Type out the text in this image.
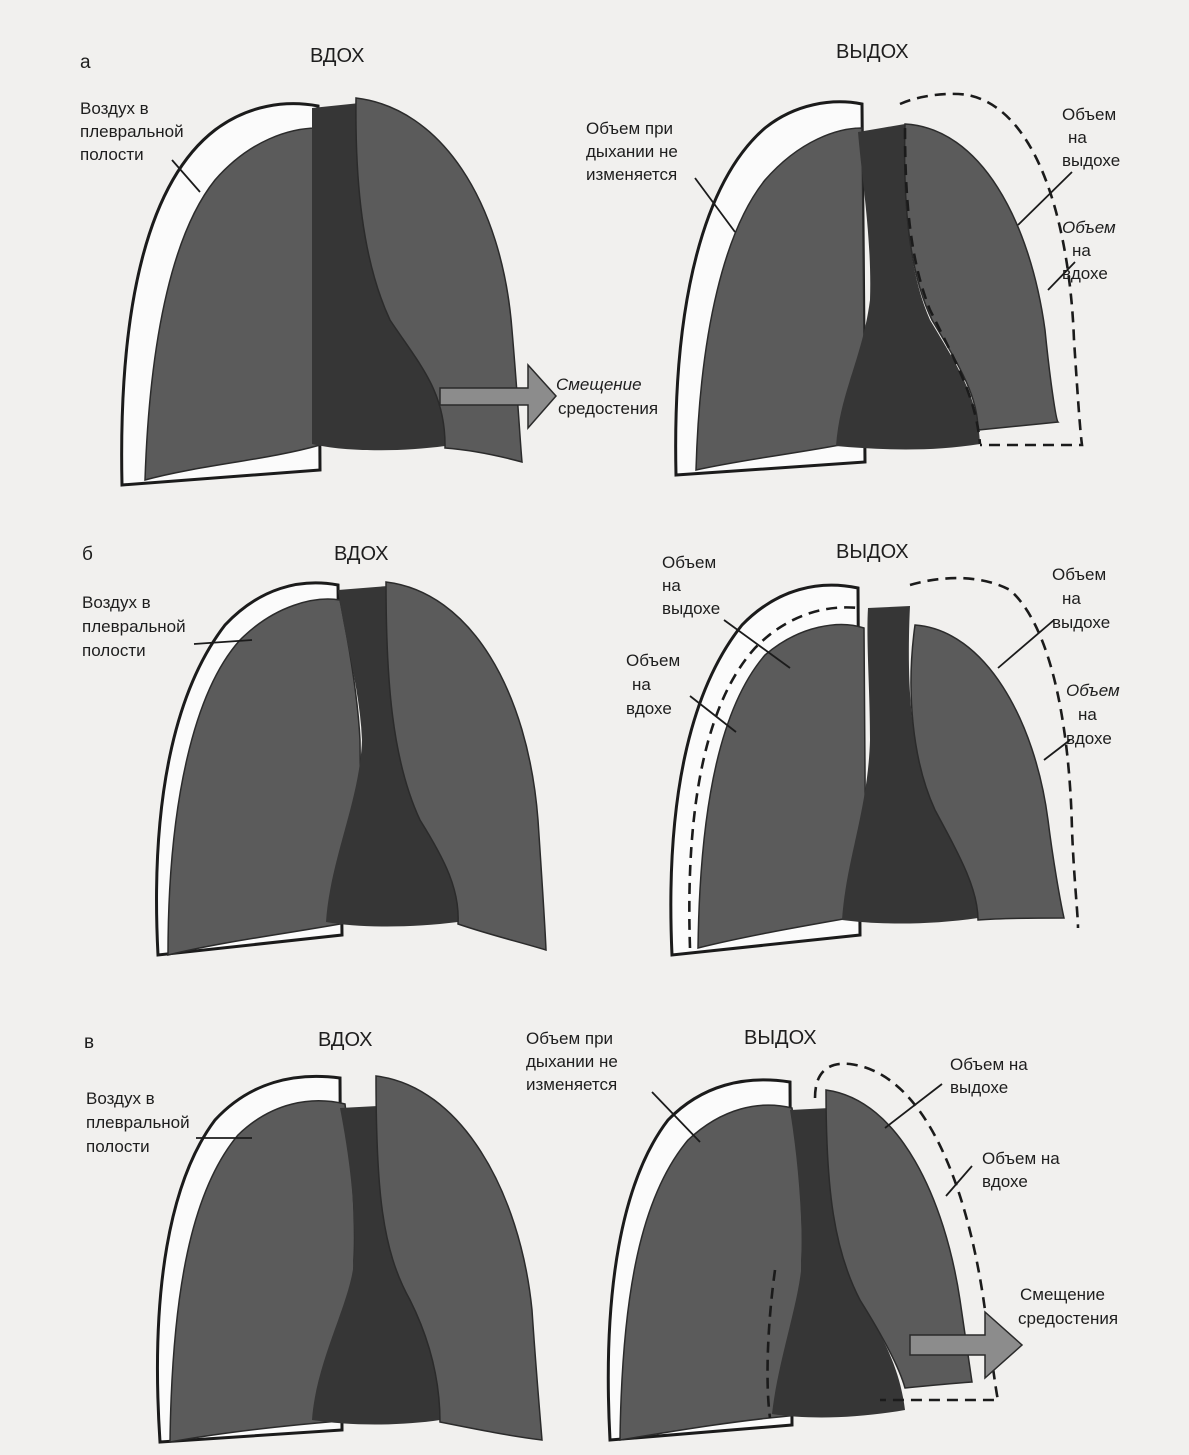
а	ВДОХ	ВЫДОХ
Воздух в плевральной полости
Смещение средостения
Объем при дыхании не изменяется
Объем на выдохе
Объем на вдохе
б	ВДОХ	ВЫДОХ
Воздух в плевральной полости
Объем на выдохе
Объем на вдохе
Объем на выдохе
Объем на вдохе
в	ВДОХ	ВЫДОХ
Воздух в плевральной полости
Объем при дыхании не изменяется
Объем на выдохе
Объем на вдохе
Смещение средостения
